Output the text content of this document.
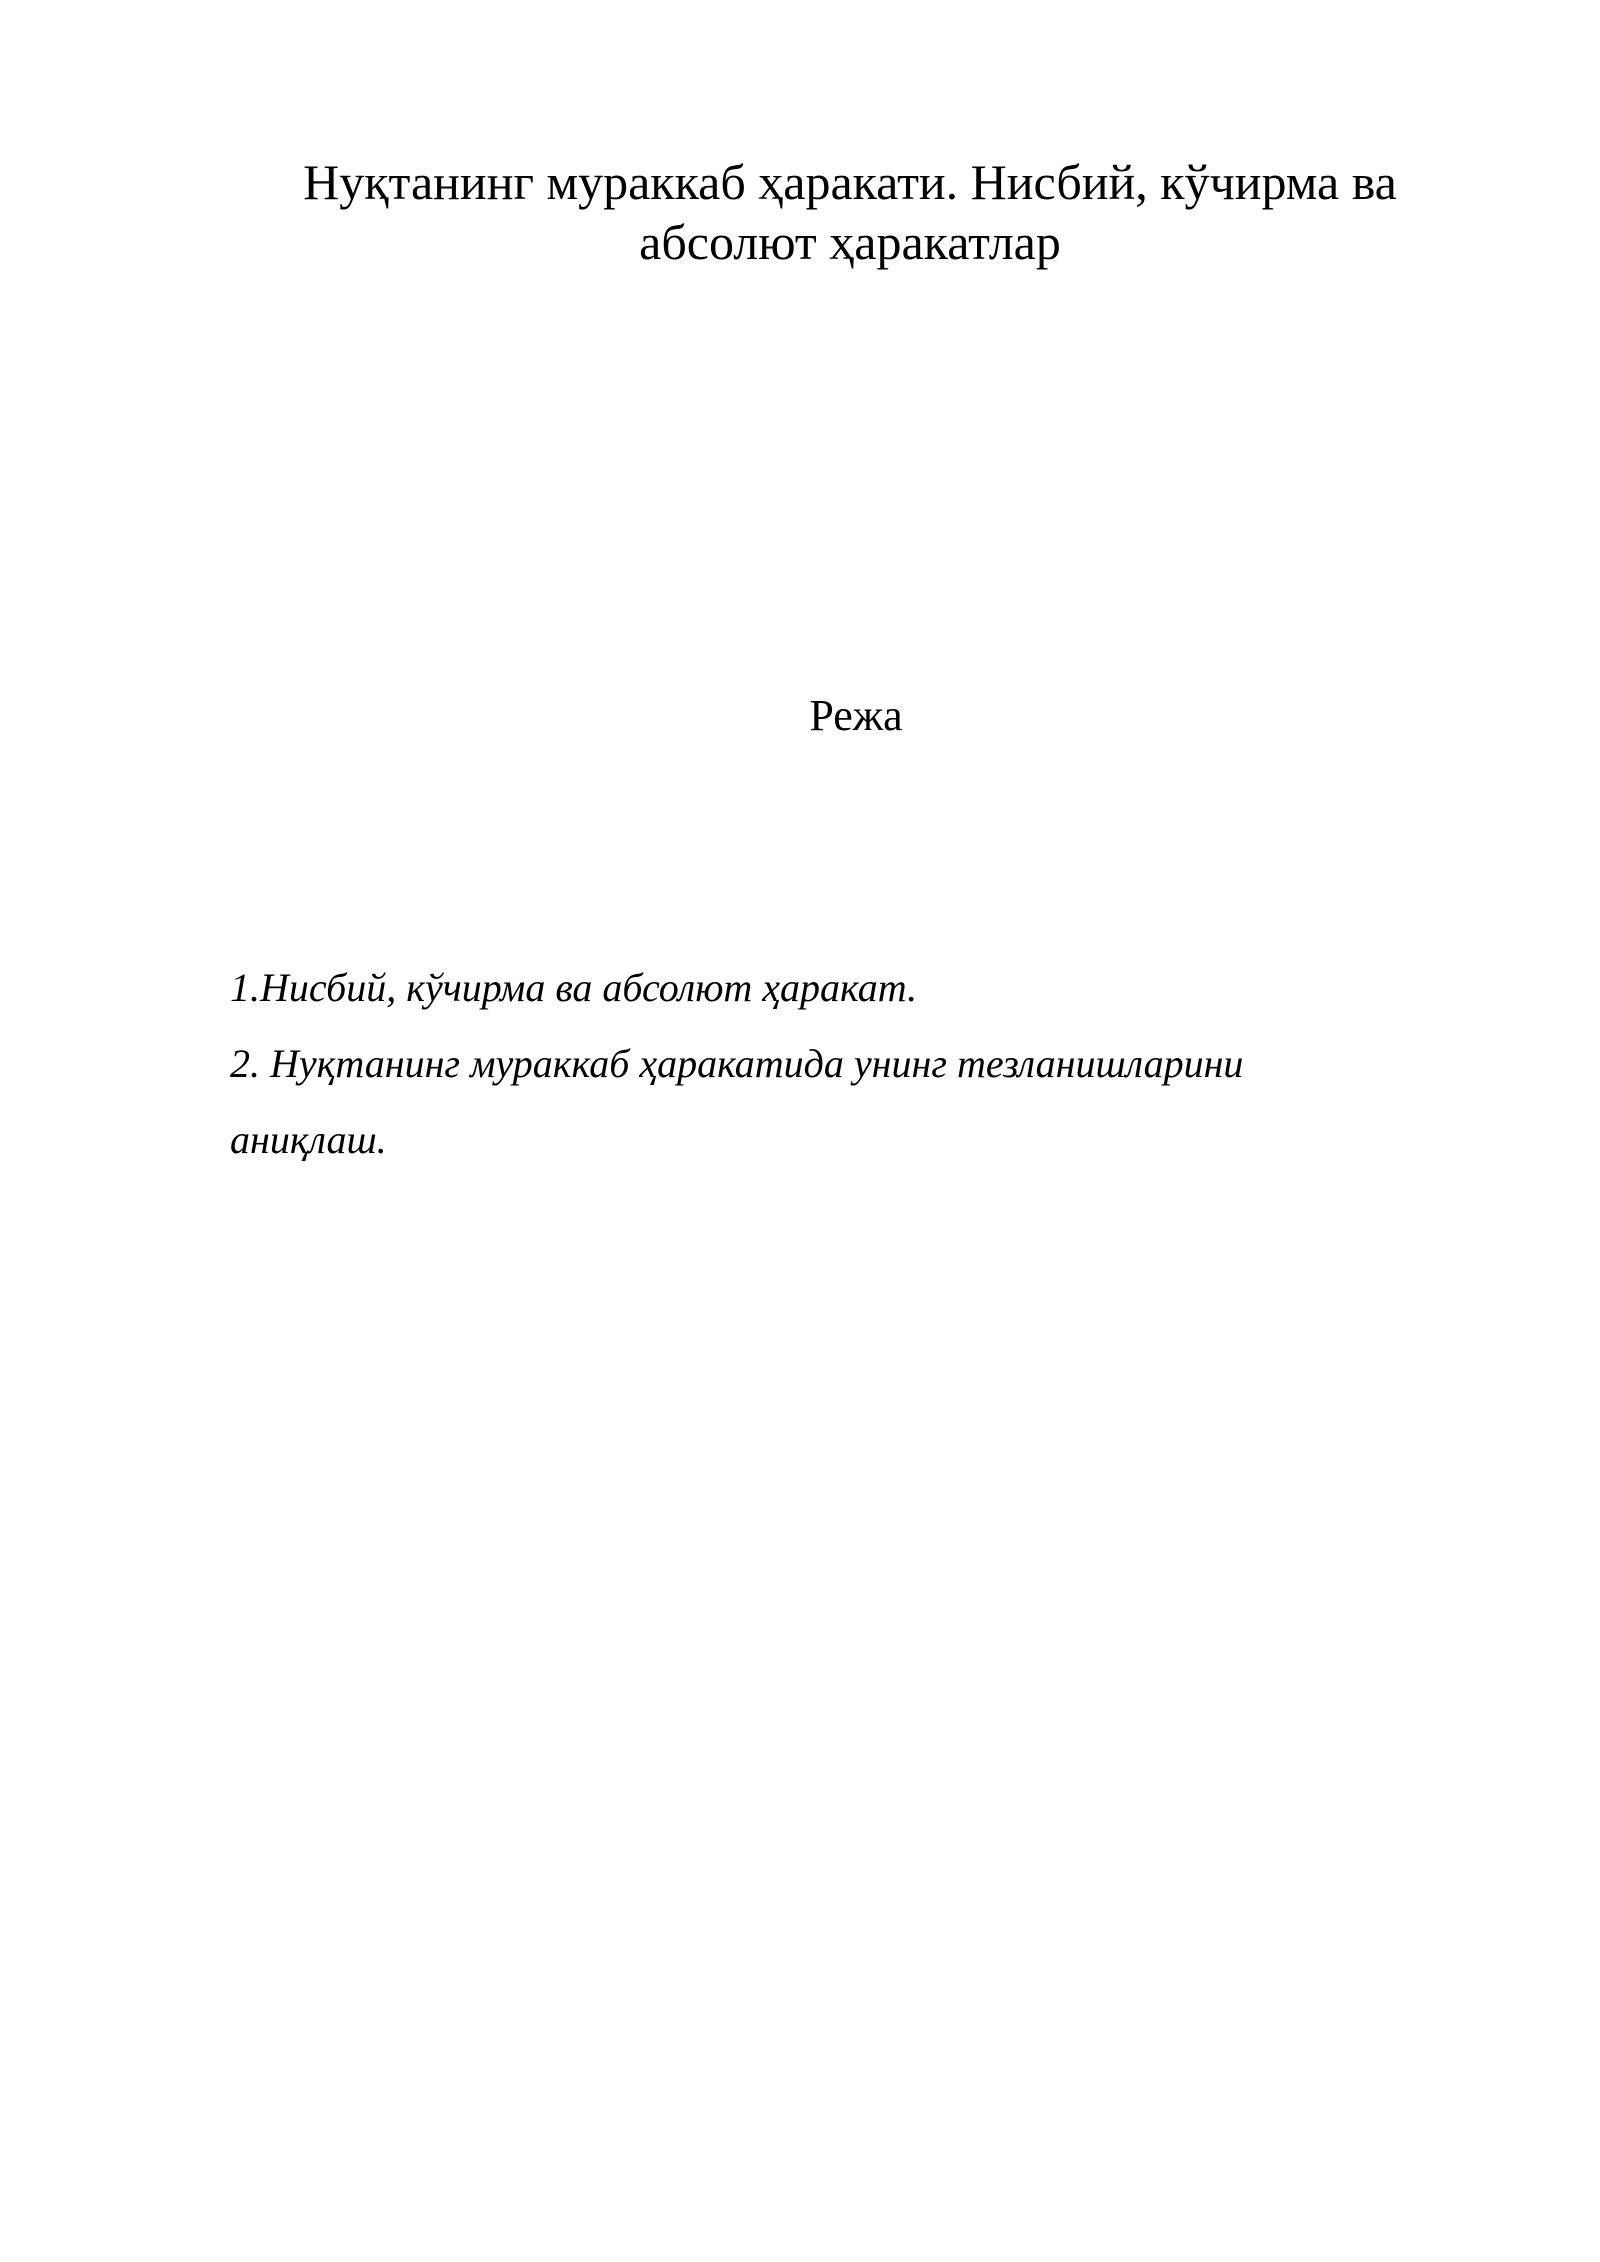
Нуқтанинг мураккаб ҳаракати. Нисбий, кўчирма ва
абсолют ҳаракатлар
Режа
1.Нисбий, кўчирма ва абсолют ҳаракат.
2. Нуқтанинг мураккаб ҳаракатида унинг тезланишларини
аниқлаш.
